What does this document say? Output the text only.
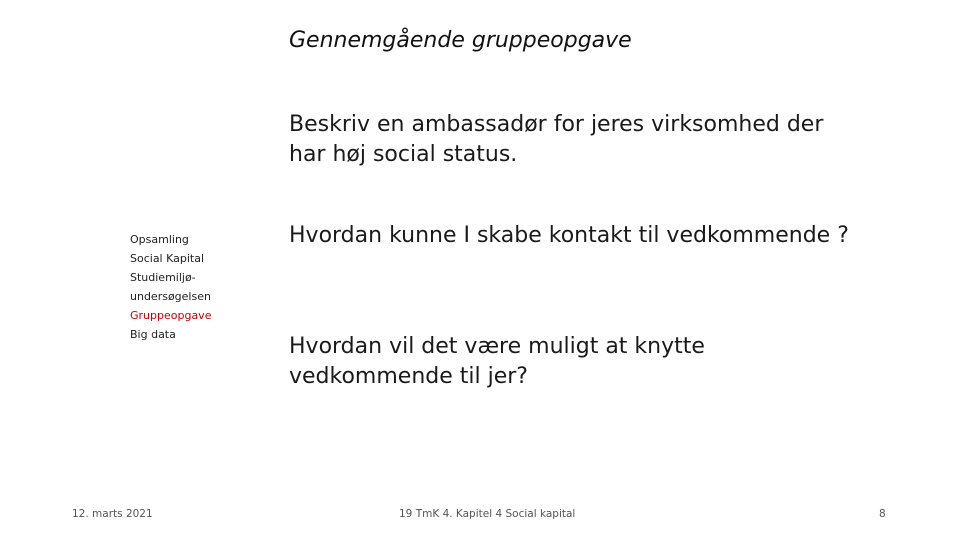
Gennemgående gruppeopgave
Beskriv en ambassadør for jeres virksomhed der har høj social status.
Hvordan kunne I skabe kontakt til vedkommende ?
Hvordan vil det være muligt at knytte vedkommende til jer?
Opsamling
Social Kapital
Studiemiljø-undersøgelsen
Gruppeopgave
Big data
12. marts 2021	19 TmK 4. Kapitel 4 Social kapital	8
